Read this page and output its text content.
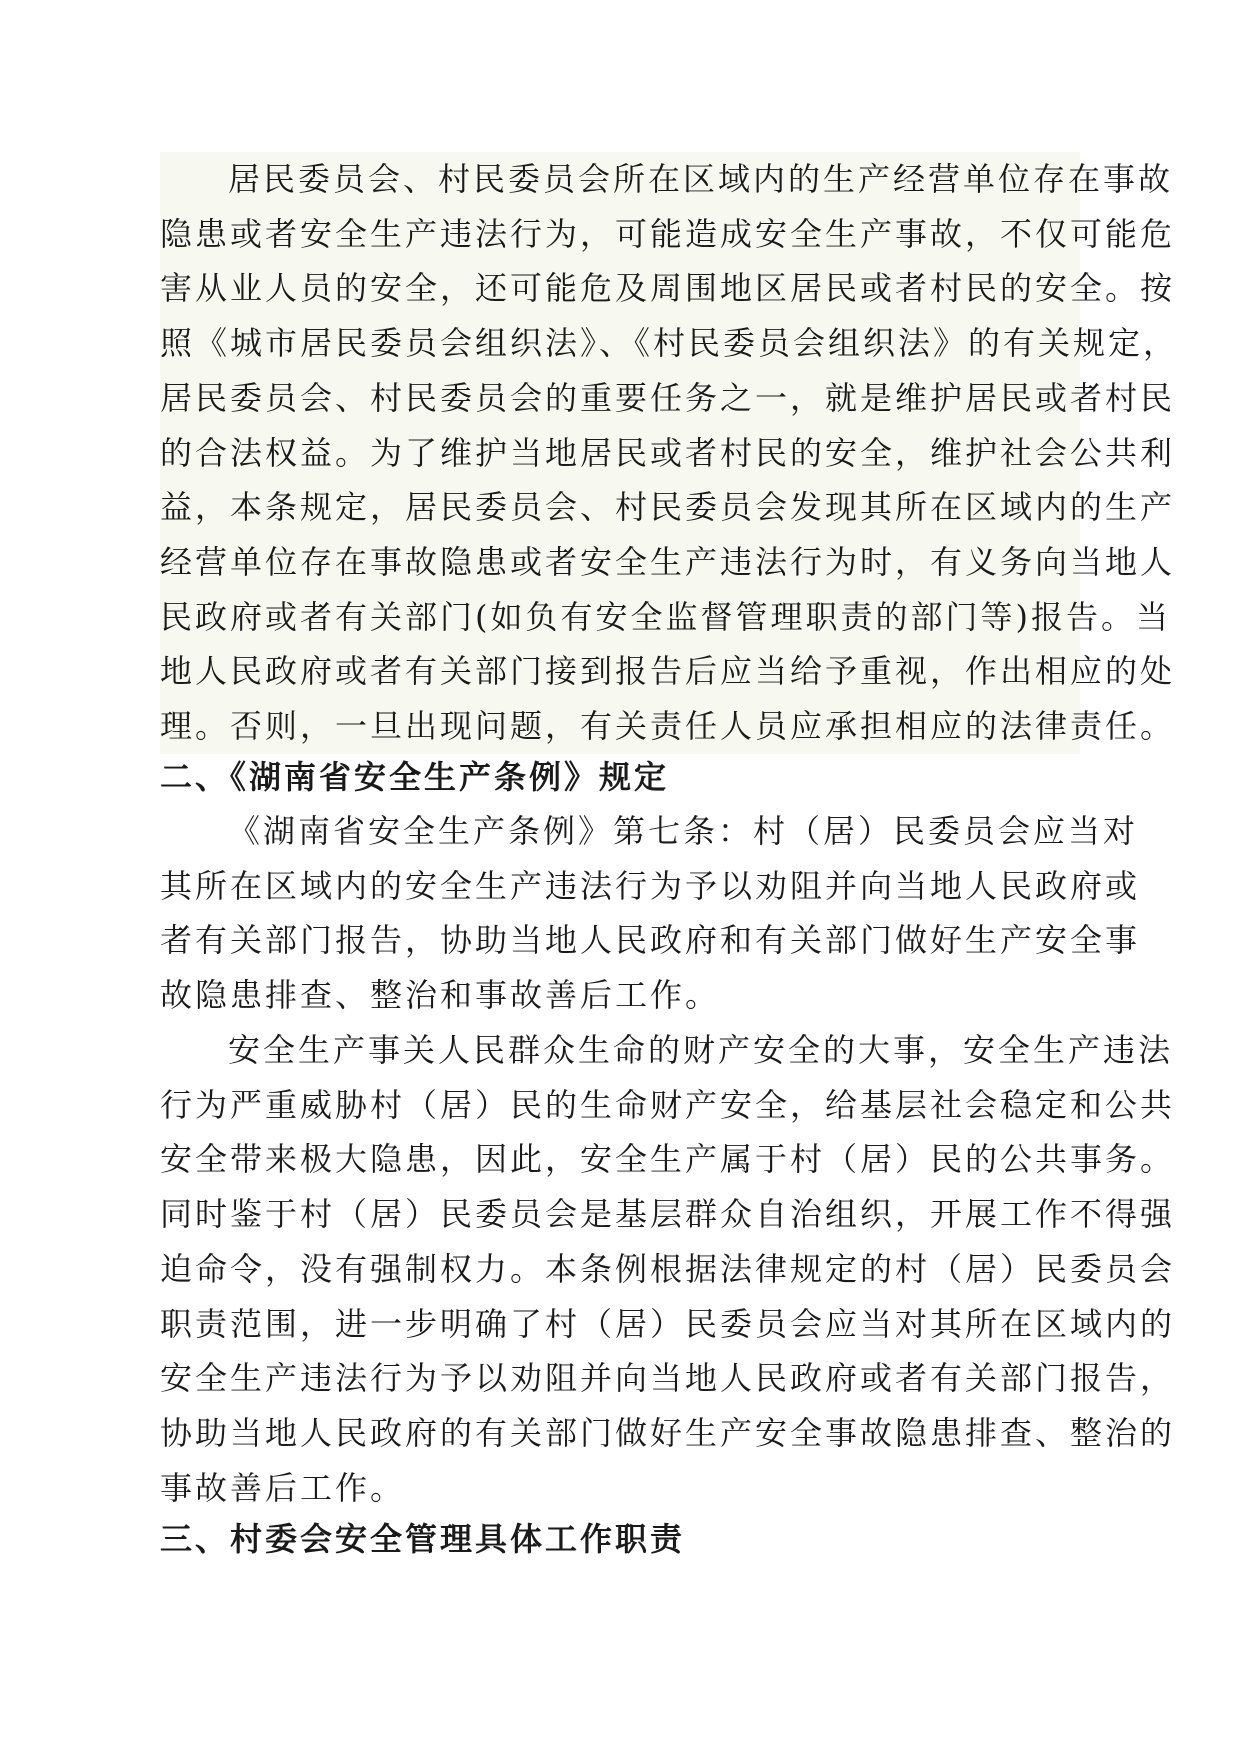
居民委员会、村民委员会所在区域内的生产经营单位存在事故
隐患或者安全生产违法行为，可能造成安全生产事故，不仅可能危
害从业人员的安全，还可能危及周围地区居民或者村民的安全。按
照《城市居民委员会组织法》、《村民委员会组织法》的有关规定，
居民委员会、村民委员会的重要任务之一，就是维护居民或者村民
的合法权益。为了维护当地居民或者村民的安全，维护社会公共利
益，本条规定，居民委员会、村民委员会发现其所在区域内的生产
经营单位存在事故隐患或者安全生产违法行为时，有义务向当地人
民政府或者有关部门(如负有安全监督管理职责的部门等)报告。当
地人民政府或者有关部门接到报告后应当给予重视，作出相应的处
理。否则，一旦出现问题，有关责任人员应承担相应的法律责任。
二、《湖南省安全生产条例》规定
《湖南省安全生产条例》第七条：村（居）民委员会应当对
其所在区域内的安全生产违法行为予以劝阻并向当地人民政府或
者有关部门报告，协助当地人民政府和有关部门做好生产安全事
故隐患排查、整治和事故善后工作。
安全生产事关人民群众生命的财产安全的大事，安全生产违法
行为严重威胁村（居）民的生命财产安全，给基层社会稳定和公共
安全带来极大隐患，因此，安全生产属于村（居）民的公共事务。
同时鉴于村（居）民委员会是基层群众自治组织，开展工作不得强
迫命令，没有强制权力。本条例根据法律规定的村（居）民委员会
职责范围，进一步明确了村（居）民委员会应当对其所在区域内的
安全生产违法行为予以劝阻并向当地人民政府或者有关部门报告，
协助当地人民政府的有关部门做好生产安全事故隐患排查、整治的
事故善后工作。
三、村委会安全管理具体工作职责
